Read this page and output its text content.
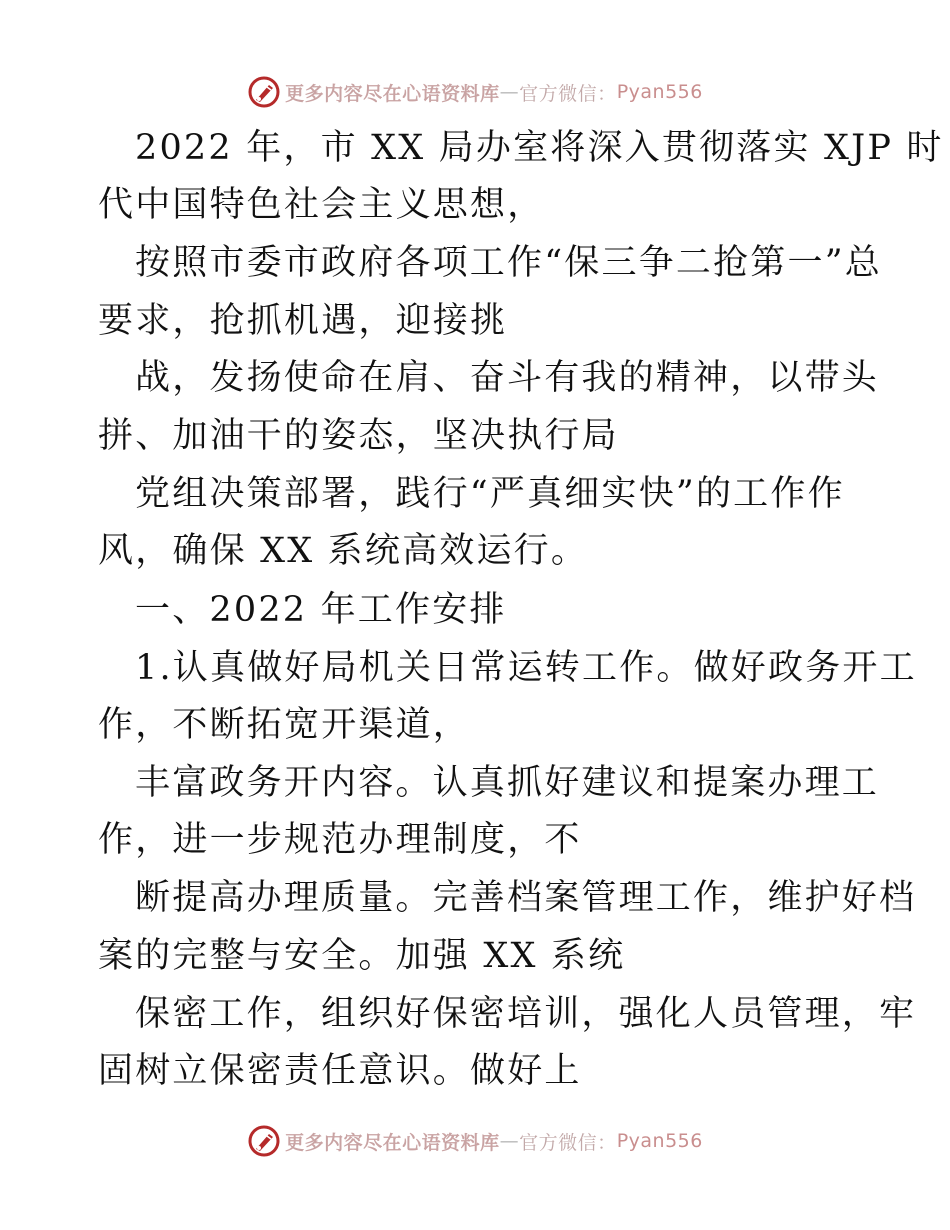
更多内容尽在心语资料库 — 官方微信： Pyan556
2022 年，市 XX 局办室将深入贯彻落实 XJP 时
代中国特色社会主义思想，
按照市委市政府各项工作“保三争二抢第一”总
要求，抢抓机遇，迎接挑
战，发扬使命在肩、奋斗有我的精神，以带头
拼、加油干的姿态，坚决执行局
党组决策部署，践行“严真细实快”的工作作
风，确保 XX 系统高效运行。
一、2022 年工作安排
1.认真做好局机关日常运转工作。做好政务开工
作，不断拓宽开渠道，
丰富政务开内容。认真抓好建议和提案办理工
作，进一步规范办理制度，不
断提高办理质量。完善档案管理工作，维护好档
案的完整与安全。加强 XX 系统
保密工作，组织好保密培训，强化人员管理，牢
固树立保密责任意识。做好上
更多内容尽在心语资料库 — 官方微信： Pyan556
